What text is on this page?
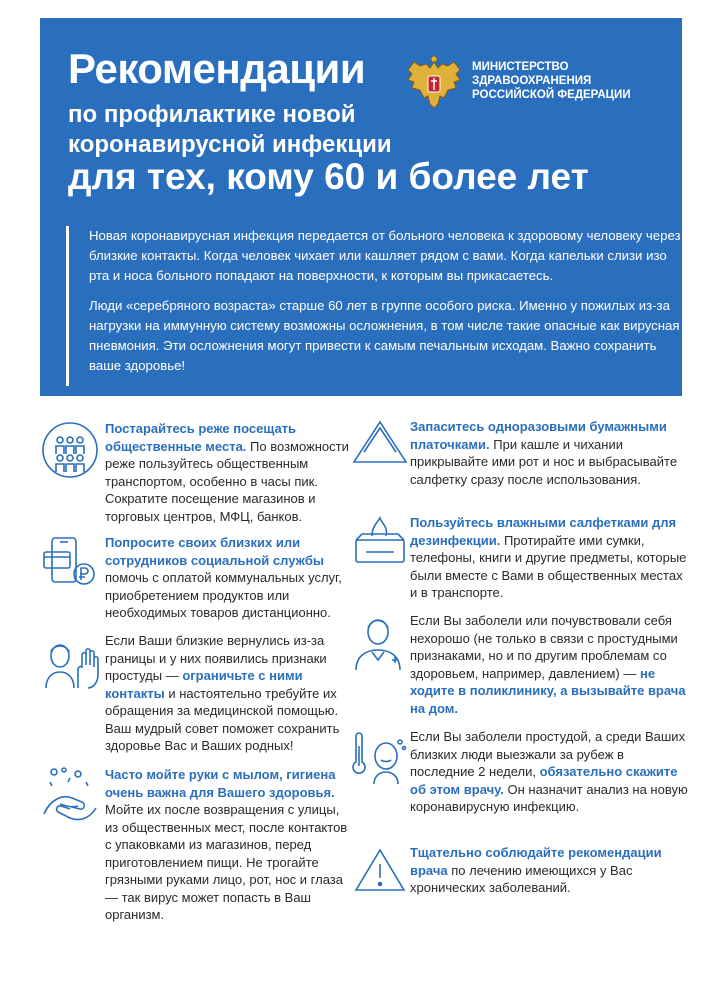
Рекомендации
по профилактике новой
коронавирусной инфекции
для тех, кому 60 и более лет
МИНИСТЕРСТВО
ЗДРАВООХРАНЕНИЯ
РОССИЙСКОЙ ФЕДЕРАЦИИ

Новая коронавирусная инфекция передается от больного человека к здоровому человеку через близкие контакты. Когда человек чихает или кашляет рядом с вами. Когда капельки слизи изо рта и носа больного попадают на поверхности, к которым вы прикасаетесь.

Люди «серебряного возраста» старше 60 лет в группе особого риска. Именно у пожилых из-за нагрузки на иммунную систему возможны осложнения, в том числе такие опасные как вирусная пневмония. Эти осложнения могут привести к самым печальным исходам. Важно сохранить ваше здоровье!

Постарайтесь реже посещать общественные места. По возможности реже пользуйтесь общественным транспортом, особенно в часы пик. Сократите посещение магазинов и торговых центров, МФЦ, банков.
Попросите своих близких или сотрудников социальной службы помочь с оплатой коммунальных услуг, приобретением продуктов или необходимых товаров дистанционно.
Если Ваши близкие вернулись из-за границы и у них появились признаки простуды — ограничьте с ними контакты и настоятельно требуйте их обращения за медицинской помощью. Ваш мудрый совет поможет сохранить здоровье Вас и Ваших родных!
Часто мойте руки с мылом, гигиена очень важна для Вашего здоровья. Мойте их после возвращения с улицы, из общественных мест, после контактов с упаковками из магазинов, перед приготовлением пищи. Не трогайте грязными руками лицо, рот, нос и глаза — так вирус может попасть в Ваш организм.
Запаситесь одноразовыми бумажными платочками. При кашле и чихании прикрывайте ими рот и нос и выбрасывайте салфетку сразу после использования.
Пользуйтесь влажными салфетками для дезинфекции. Протирайте ими сумки, телефоны, книги и другие предметы, которые были вместе с Вами в общественных местах и в транспорте.
Если Вы заболели или почувствовали себя нехорошо (не только в связи с простудными признаками, но и по другим проблемам со здоровьем, например, давлением) — не ходите в поликлинику, а вызывайте врача на дом.
Если Вы заболели простудой, а среди Ваших близких люди выезжали за рубеж в последние 2 недели, обязательно скажите об этом врачу. Он назначит анализ на новую коронавирусную инфекцию.
Тщательно соблюдайте рекомендации врача по лечению имеющихся у Вас хронических заболеваний.
